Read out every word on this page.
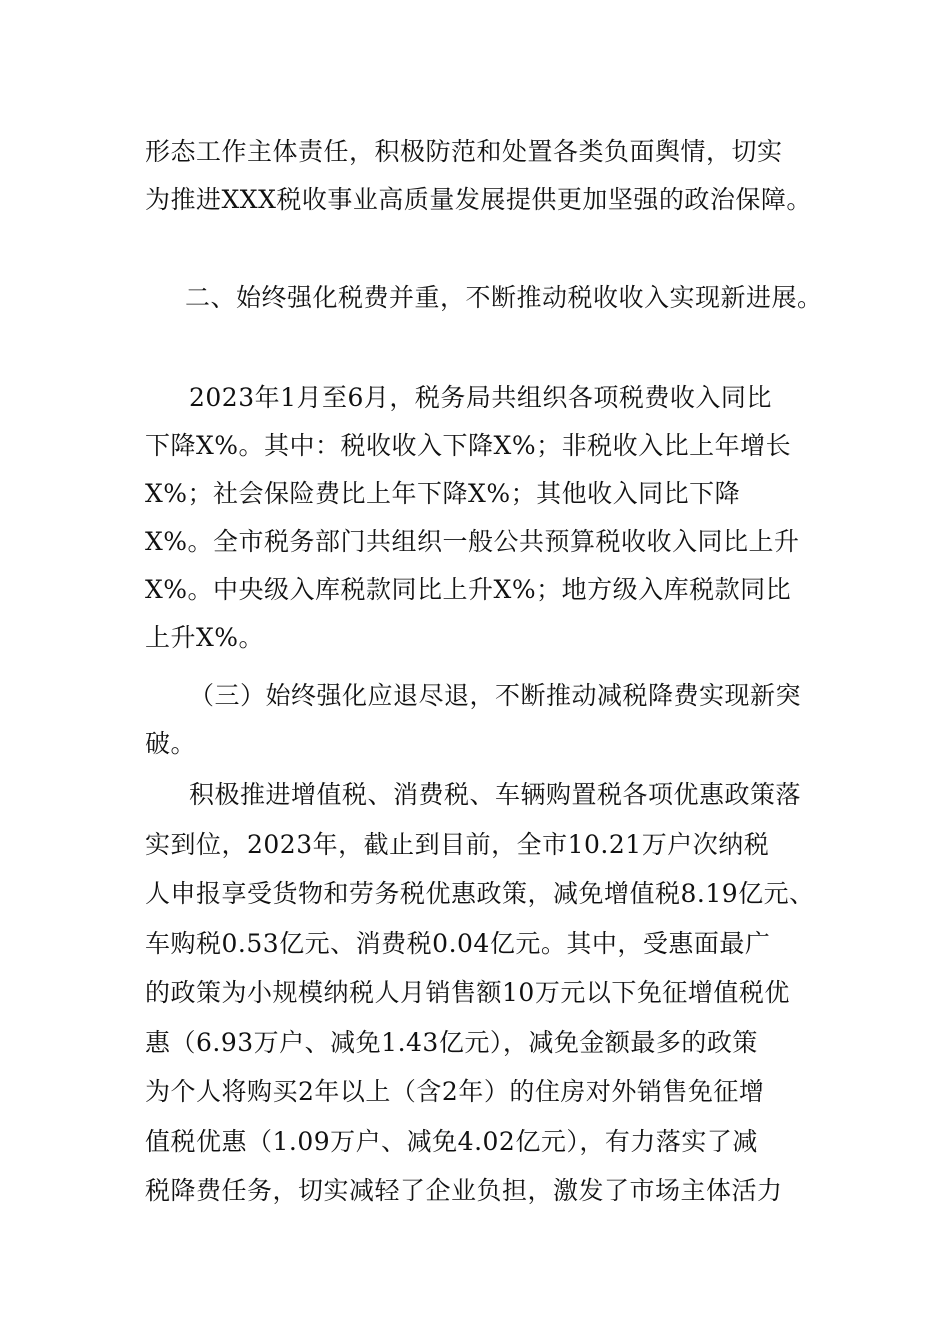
形态工作主体责任，积极防范和处置各类负面舆情，切实
为推进XXX税收事业高质量发展提供更加坚强的政治保障。
二、始终强化税费并重，不断推动税收收入实现新进展。
2023年1月至6月，税务局共组织各项税费收入同比
下降X%。其中：税收收入下降X%；非税收入比上年增长
X%；社会保险费比上年下降X%；其他收入同比下降
X%。全市税务部门共组织一般公共预算税收收入同比上升
X%。中央级入库税款同比上升X%；地方级入库税款同比
上升X%。
（三）始终强化应退尽退，不断推动减税降费实现新突
破。
积极推进增值税、消费税、车辆购置税各项优惠政策落
实到位，2023年，截止到目前，全市10.21万户次纳税
人申报享受货物和劳务税优惠政策，减免增值税8.19亿元、
车购税0.53亿元、消费税0.04亿元。其中，受惠面最广
的政策为小规模纳税人月销售额10万元以下免征增值税优
惠（6.93万户、减免1.43亿元），减免金额最多的政策
为个人将购买2年以上（含2年）的住房对外销售免征增
值税优惠（1.09万户、减免4.02亿元），有力落实了减
税降费任务，切实减轻了企业负担，激发了市场主体活力
